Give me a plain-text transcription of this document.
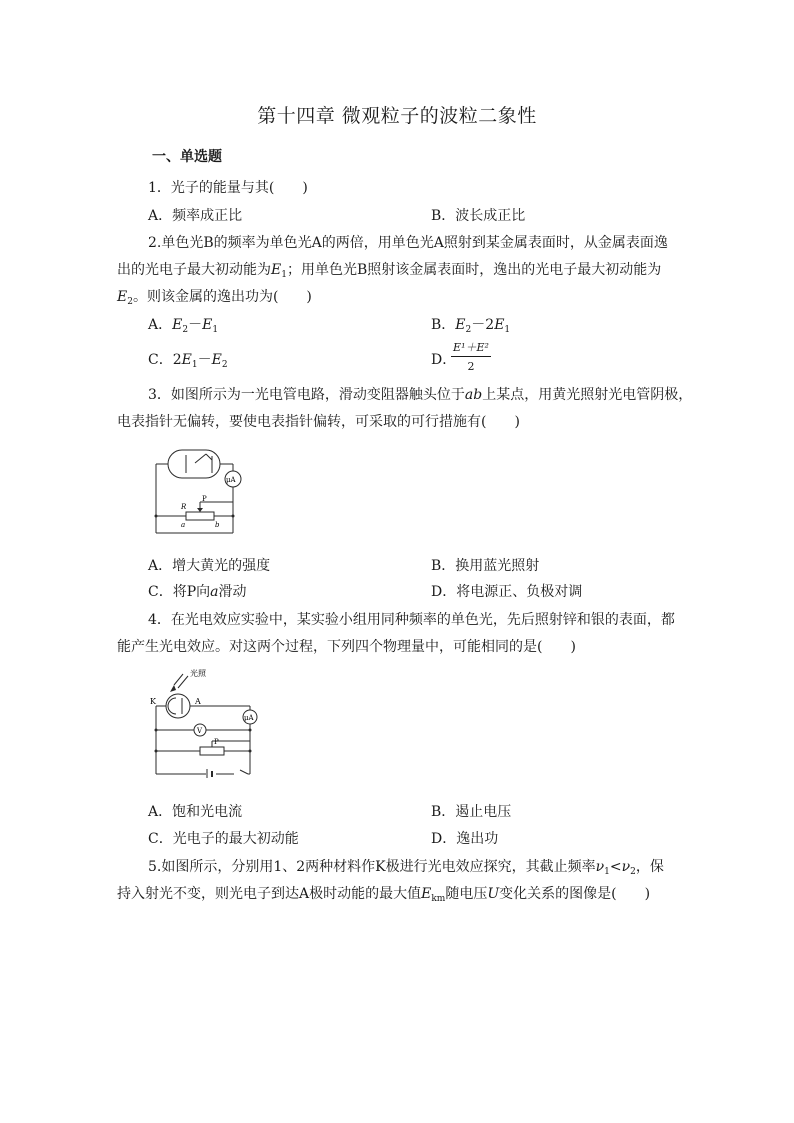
第十四章 微观粒子的波粒二象性
一、单选题
1．光子的能量与其(　　)
A．频率成正比	B．波长成正比
2.单色光B的频率为单色光A的两倍，用单色光A照射到某金属表面时，从金属表面逸
出的光电子最大初动能为$E_1$；用单色光B照射该金属表面时，逸出的光电子最大初动能为
$E_2$。则该金属的逸出功为(　　)
A．$E_2-E_1$	B．$E_2-2E_1$
C．$2E_1-E_2$	D．
$\frac{\text{E¹＋E²}}{2}$
3．如图所示为一光电管电路，滑动变阻器触头位于ab上某点，用黄光照射光电管阴极，
电表指针无偏转，要使电表指针偏转，可采取的可行措施有(　　)
μA
R
P
a	b
A．增大黄光的强度	B．换用蓝光照射
C．将P向a滑动	D．将电源正、负极对调
4．在光电效应实验中，某实验小组用同种频率的单色光，先后照射锌和银的表面，都
能产生光电效应。对这两个过程，下列四个物理量中，可能相同的是(　　)
光照
K	A
μA
V
P
A．饱和光电流	B．遏止电压
C．光电子的最大初动能	D．逸出功
5.如图所示，分别用1、2两种材料作K极进行光电效应探究，其截止频率$\nu_1<\nu_2$，保
持入射光不变，则光电子到达A极时动能的最大值$E_{km}$随电压U变化关系的图像是(　　)
